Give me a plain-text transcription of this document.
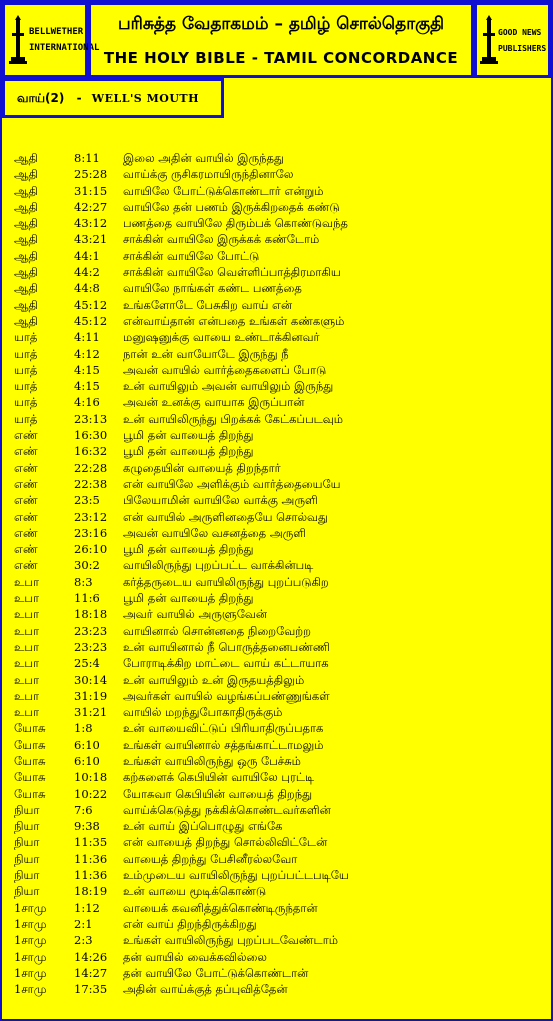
BELLWETHER
INTERNATIONAL
பரிசுத்த வேதாகமம் – தமிழ் சொல்தொகுதி
THE HOLY BIBLE - TAMIL CONCORDANCE
GOOD NEWS
PUBLISHERS
வாய்(2) - WELL'S MOUTH
ஆதி	8:11 இலை அதின் வாயில் இருந்தது
ஆதி	25:28 வாய்க்கு ருசிகரமாயிருந்தினாலே
ஆதி	31:15 வாயிலே போட்டுக்கொண்டார் என்றும்
ஆதி	42:27 வாயிலே தன் பணம் இருக்கிறதைக் கண்டு
ஆதி	43:12 பணத்தை வாயிலே திரும்பக் கொண்டுவந்த
ஆதி	43:21 சாக்கின் வாயிலே இருக்கக் கண்டோம்
ஆதி	44:1 சாக்கின் வாயிலே போட்டு
ஆதி	44:2 சாக்கின் வாயிலே வெள்ளிப்பாத்திரமாகிய
ஆதி	44:8 வாயிலே நாங்கள் கண்ட பணத்தை
ஆதி	45:12 உங்களோடே பேசுகிற வாய் என்
ஆதி	45:12 என்வாய்தான் என்பதை உங்கள் கண்களும்
யாத்	4:11 மனுஷனுக்கு வாயை உண்டாக்கினவர்
யாத்	4:12 நான் உன் வாயோடே இருந்து நீ
யாத்	4:15 அவன் வாயில் வார்த்தைகளைப் போடு
யாத்	4:15 உன் வாயிலும் அவன் வாயிலும் இருந்து
யாத்	4:16 அவன் உனக்கு வாயாக இருப்பான்
யாத்	23:13 உன் வாயிலிருந்து பிறக்கக் கேட்கப்படவும்
எண்	16:30 பூமி தன் வாயைத் திறந்து
எண்	16:32 பூமி தன் வாயைத் திறந்து
எண்	22:28 கழுதையின் வாயைத் திறந்தார்
எண்	22:38 என் வாயிலே அளிக்கும் வார்த்தையையே
எண்	23:5 பிலேயாமின் வாயிலே வாக்கு அருளி
எண்	23:12 என் வாயில் அருளினதையே சொல்வது
எண்	23:16 அவன் வாயிலே வசனத்தை அருளி
எண்	26:10 பூமி தன் வாயைத் திறந்து
எண்	30:2 வாயிலிருந்து புறப்பட்ட வாக்கின்படி
உபா	8:3	கர்த்தருடைய வாயிலிருந்து புறப்படுகிற
உபா	11:6 பூமி தன் வாயைத் திறந்து
உபா	18:18 அவர் வாயில் அருளுவேன்
உபா	23:23 வாயினால் சொன்னதை நிறைவேற்ற
உபா	23:23 உன் வாயினால் நீ பொருத்தனைபண்ணி
உபா	25:4 போராடிக்கிற மாட்டை வாய் கட்டாயாக
உபா	30:14 உன் வாயிலும் உன் இருதயத்திலும்
உபா	31:19 அவர்கள் வாயில் வழங்கப்பண்ணுங்கள்
உபா	31:21 வாயில் மறந்துபோகாதிருக்கும்
யோசு 1:8	உன் வாயைவிட்டுப் பிரியாதிருப்பதாக
யோசு 6:10 உங்கள் வாயினால் சத்தங்காட்டாமலும்
யோசு 6:10 உங்கள் வாயிலிருந்து ஒரு பேச்சும்
யோசு 10:18 கற்களைக் கெபியின் வாயிலே புரட்டி
யோசு 10:22 யோசுவா கெபியின் வாயைத் திறந்து
நியா	7:6	வாய்க்கெடுத்து நக்கிக்கொண்டவர்களின்
நியா	9:38 உன் வாய் இப்பொழுது எங்கே
நியா	11:35 என் வாயைத் திறந்து சொல்லிவிட்டேன்
நியா	11:36 வாயைத் திறந்து பேசினீரல்லவோ
நியா	11:36 உம்முடைய வாயிலிருந்து புறப்பட்டபடியே
நியா	18:19 உன் வாயை மூடிக்கொண்டு
1சாமு 1:12 வாயைக் கவனித்துக்கொண்டிருந்தான்
1சாமு 2:1	என் வாய் திறந்திருக்கிறது
1சாமு 2:3	உங்கள் வாயிலிருந்து புறப்படவேண்டாம்
1சாமு 14:26 தன் வாயில் வைக்கவில்லை
1சாமு 14:27 தன் வாயிலே போட்டுக்கொண்டான்
1சாமு 17:35 அதின் வாய்க்குத் தப்புவித்தேன்
